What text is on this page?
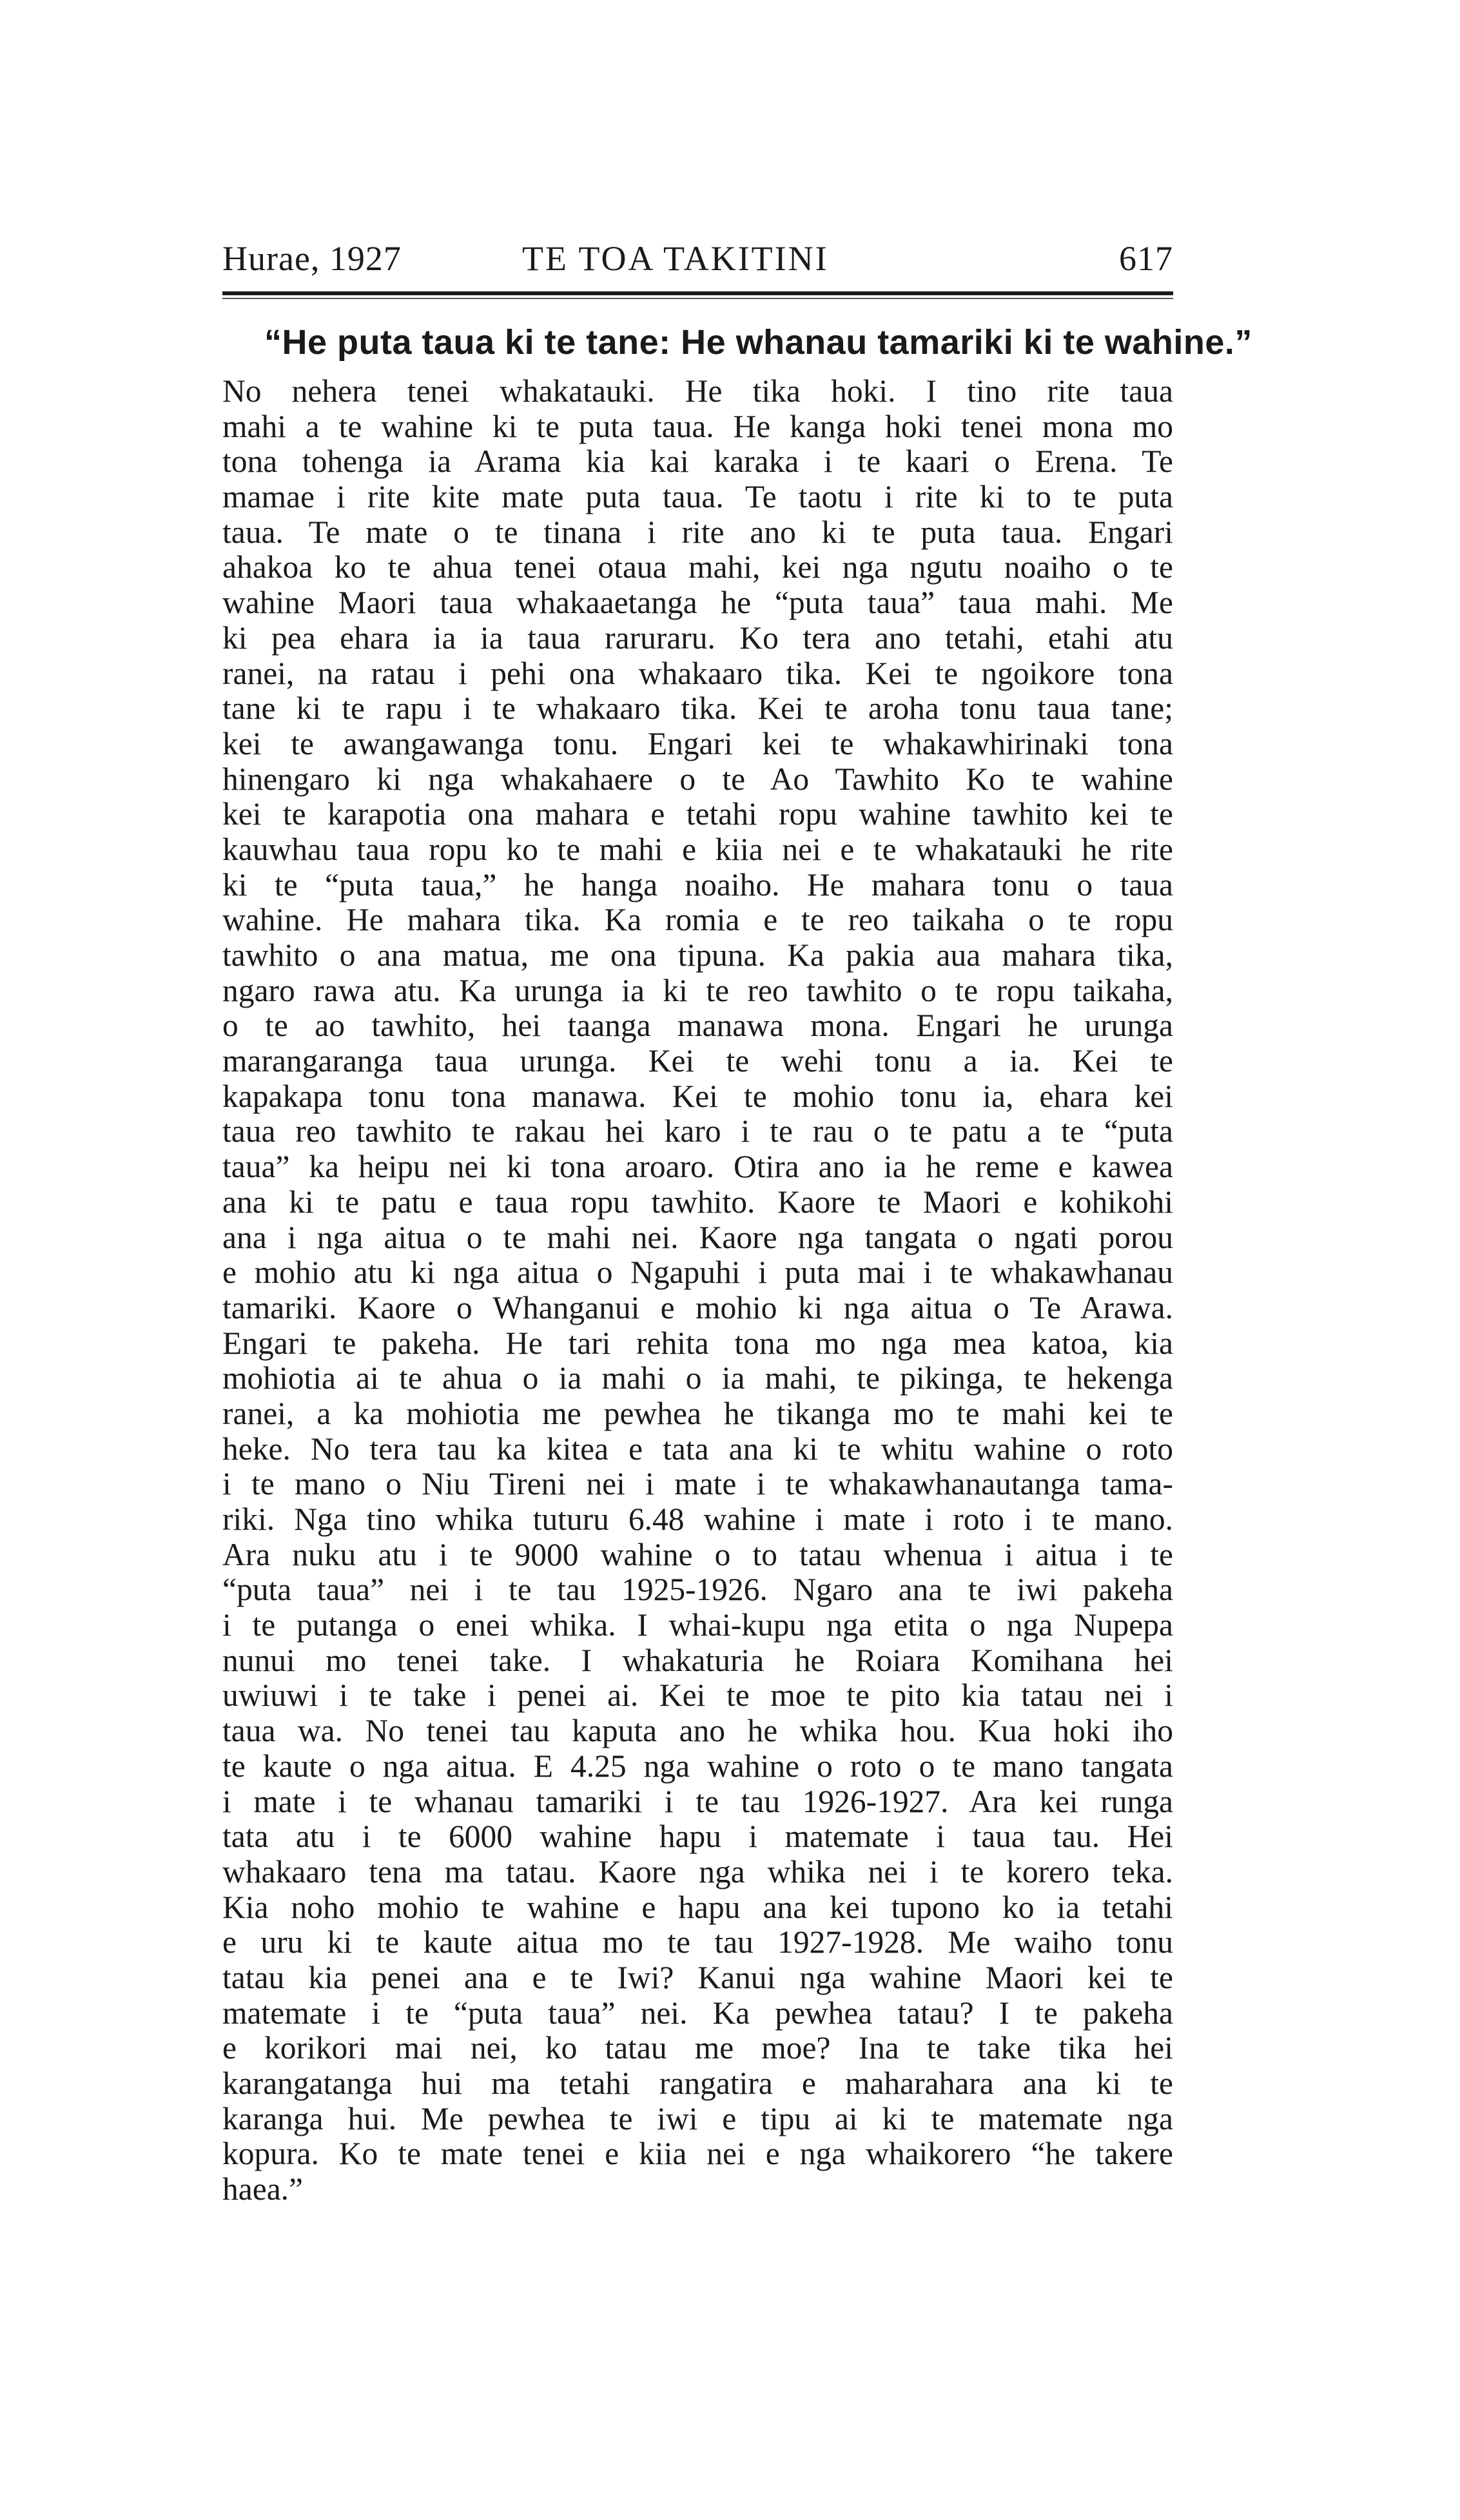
Hurae, 1927	TE TOA TAKITINI	617
“He puta taua ki te tane: He whanau tamariki ki te wahine.”
No nehera tenei whakatauki. He tika hoki. I tino rite taua
mahi a te wahine ki te puta taua. He kanga hoki tenei mona mo
tona tohenga ia Arama kia kai karaka i te kaari o Erena. Te
mamae i rite kite mate puta taua. Te taotu i rite ki to te puta
taua. Te mate o te tinana i rite ano ki te puta taua. Engari
ahakoa ko te ahua tenei otaua mahi, kei nga ngutu noaiho o te
wahine Maori taua whakaaetanga he “puta taua” taua mahi. Me
ki pea ehara ia ia taua raruraru. Ko tera ano tetahi, etahi atu
ranei, na ratau i pehi ona whakaaro tika. Kei te ngoikore tona
tane ki te rapu i te whakaaro tika. Kei te aroha tonu taua tane;
kei te awangawanga tonu. Engari kei te whakawhirinaki tona
hinengaro ki nga whakahaere o te Ao Tawhito Ko te wahine
kei te karapotia ona mahara e tetahi ropu wahine tawhito kei te
kauwhau taua ropu ko te mahi e kiia nei e te whakatauki he rite
ki te “puta taua,” he hanga noaiho. He mahara tonu o taua
wahine. He mahara tika. Ka romia e te reo taikaha o te ropu
tawhito o ana matua, me ona tipuna. Ka pakia aua mahara tika,
ngaro rawa atu. Ka urunga ia ki te reo tawhito o te ropu taikaha,
o te ao tawhito, hei taanga manawa mona. Engari he urunga
marangaranga taua urunga. Kei te wehi tonu a ia. Kei te
kapakapa tonu tona manawa. Kei te mohio tonu ia, ehara kei
taua reo tawhito te rakau hei karo i te rau o te patu a te “puta
taua” ka heipu nei ki tona aroaro. Otira ano ia he reme e kawea
ana ki te patu e taua ropu tawhito. Kaore te Maori e kohikohi
ana i nga aitua o te mahi nei. Kaore nga tangata o ngati porou
e mohio atu ki nga aitua o Ngapuhi i puta mai i te whakawhanau
tamariki. Kaore o Whanganui e mohio ki nga aitua o Te Arawa.
Engari te pakeha. He tari rehita tona mo nga mea katoa, kia
mohiotia ai te ahua o ia mahi o ia mahi, te pikinga, te hekenga
ranei, a ka mohiotia me pewhea he tikanga mo te mahi kei te
heke. No tera tau ka kitea e tata ana ki te whitu wahine o roto
i te mano o Niu Tireni nei i mate i te whakawhanautanga tama-
riki. Nga tino whika tuturu 6.48 wahine i mate i roto i te mano.
Ara nuku atu i te 9000 wahine o to tatau whenua i aitua i te
“puta taua” nei i te tau 1925-1926. Ngaro ana te iwi pakeha
i te putanga o enei whika. I whai-kupu nga etita o nga Nupepa
nunui mo tenei take. I whakaturia he Roiara Komihana hei
uwiuwi i te take i penei ai. Kei te moe te pito kia tatau nei i
taua wa. No tenei tau kaputa ano he whika hou. Kua hoki iho
te kaute o nga aitua. E 4.25 nga wahine o roto o te mano tangata
i mate i te whanau tamariki i te tau 1926-1927. Ara kei runga
tata atu i te 6000 wahine hapu i matemate i taua tau. Hei
whakaaro tena ma tatau. Kaore nga whika nei i te korero teka.
Kia noho mohio te wahine e hapu ana kei tupono ko ia tetahi
e uru ki te kaute aitua mo te tau 1927-1928. Me waiho tonu
tatau kia penei ana e te Iwi? Kanui nga wahine Maori kei te
matemate i te “puta taua” nei. Ka pewhea tatau? I te pakeha
e korikori mai nei, ko tatau me moe? Ina te take tika hei
karangatanga hui ma tetahi rangatira e maharahara ana ki te
karanga hui. Me pewhea te iwi e tipu ai ki te matemate nga
kopura. Ko te mate tenei e kiia nei e nga whaikorero “he takere
haea.”
